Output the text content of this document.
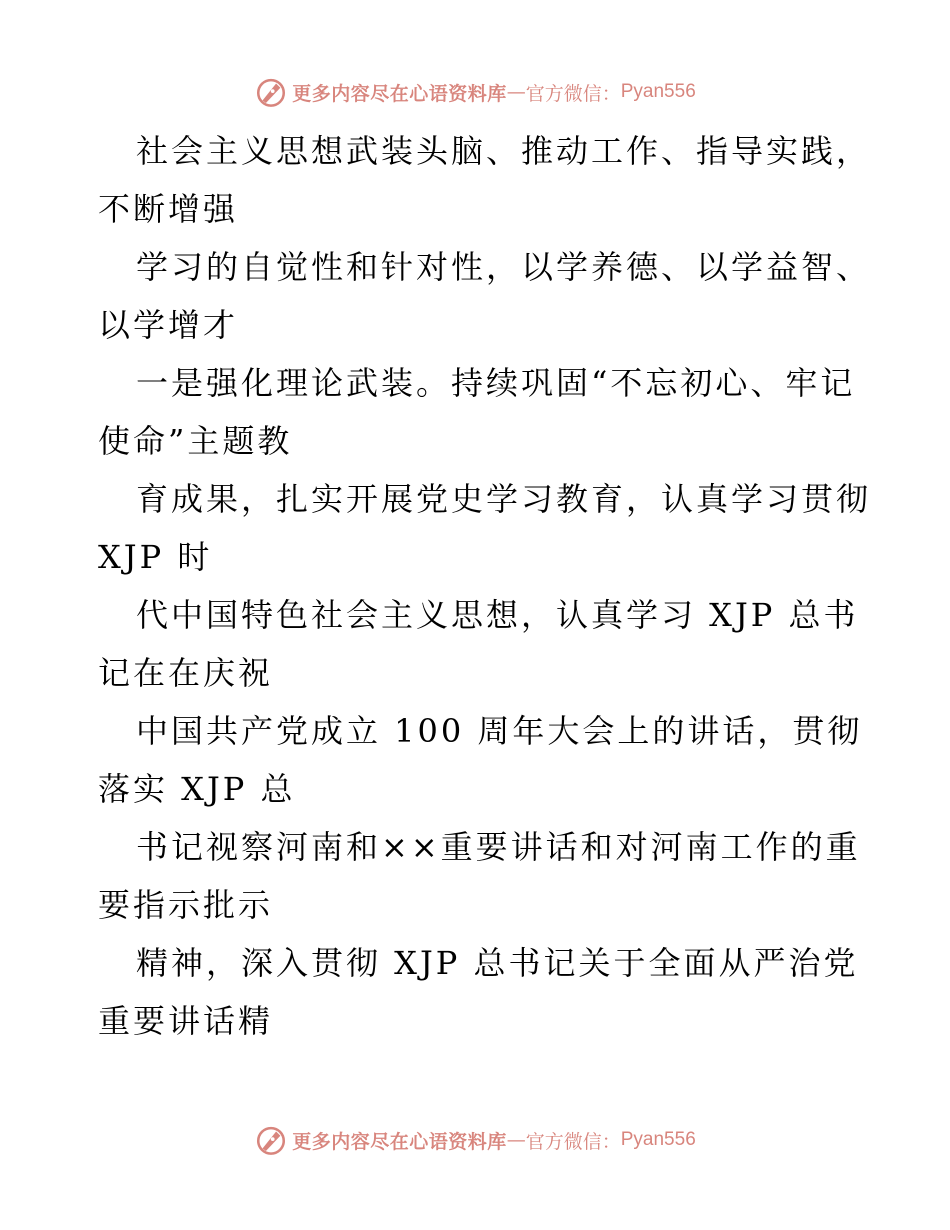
更多内容尽在心语资料库 — 官方微信： Pyan556
社会主义思想武装头脑、推动工作、指导实践，
不断增强
学习的自觉性和针对性，以学养德、以学益智、
以学增才
一是强化理论武装。持续巩固“不忘初心、牢记
使命”主题教
育成果，扎实开展党史学习教育，认真学习贯彻
XJP 时
代中国特色社会主义思想，认真学习 XJP 总书
记在在庆祝
中国共产党成立 100 周年大会上的讲话，贯彻
落实 XJP 总
书记视察河南和××重要讲话和对河南工作的重
要指示批示
精神，深入贯彻 XJP 总书记关于全面从严治党
重要讲话精
更多内容尽在心语资料库 — 官方微信： Pyan556
